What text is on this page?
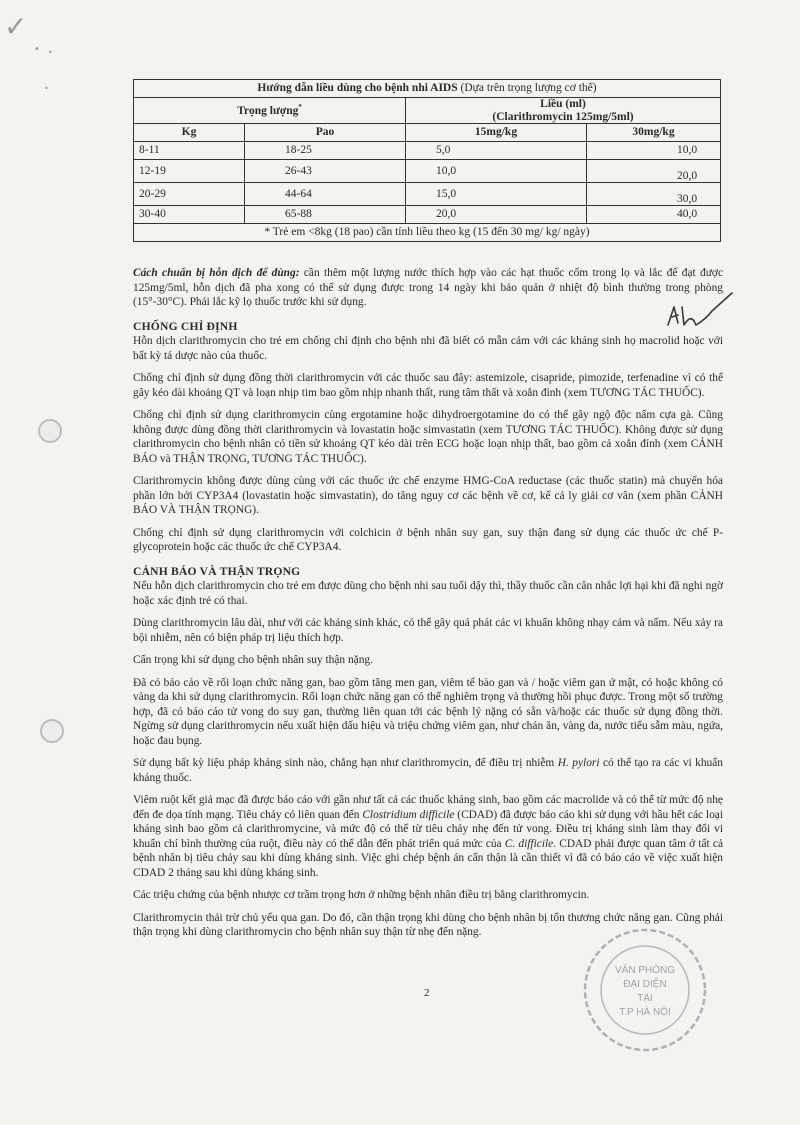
✓
• •
•	Hướng dẫn liều dùng cho bệnh nhi AIDS (Dựa trên trọng lượng cơ thể)			
Trọng lượng*		Liều (ml)
(Clarithromycin 125mg/5ml)	

Kg	Pao	15mg/kg	30mg/kg
8-11	18-25	5,0	10,0
12-19	26-43	10,0	20,0
20-29	44-64	15,0	30,0
30-40	65-88	20,0	40,0
* Trẻ em <8kg (18 pao) cần tính liều theo kg (15 đến 30 mg/ kg/ ngày)			

Cách chuẩn bị hỗn dịch để dùng: cần thêm một lượng nước thích hợp vào các hạt thuốc cốm trong lọ và lắc để đạt được 125mg/5ml, hỗn dịch đã pha xong có thể sử dụng được trong 14 ngày khi bảo quản ở nhiệt độ bình thường trong phòng (15°-30°C). Phải lắc kỹ lọ thuốc trước khi sử dụng.

CHỐNG CHỈ ĐỊNH

Hỗn dịch clarithromycin cho trẻ em chống chỉ định cho bệnh nhi đã biết có mẫn cảm với các kháng sinh họ macrolid hoặc với bất kỳ tá dược nào của thuốc.

Chống chỉ định sử dụng đồng thời clarithromycin với các thuốc sau đây: astemizole, cisapride, pimozide, terfenadine vì có thể gây kéo dài khoảng QT và loạn nhịp tim bao gồm nhịp nhanh thất, rung tâm thất và xoắn đỉnh (xem TƯƠNG TÁC THUỐC).

Chống chỉ định sử dụng clarithromycin cùng ergotamine hoặc dihydroergotamine do có thể gây ngộ độc nấm cựa gà. Cũng không được dùng đồng thời clarithromycin và lovastatin hoặc simvastatin (xem TƯƠNG TÁC THUỐC). Không được sử dụng clarithromycin cho bệnh nhân có tiền sử khoảng QT kéo dài trên ECG hoặc loạn nhịp thất, bao gồm cả xoắn đỉnh (xem CẢNH BÁO và THẬN TRỌNG, TƯƠNG TÁC THUỐC).

Clarithromycin không được dùng cùng với các thuốc ức chế enzyme HMG-CoA reductase (các thuốc statin) mà chuyển hóa phần lớn bởi CYP3A4 (lovastatin hoặc simvastatin), do tăng nguy cơ các bệnh về cơ, kể cả ly giải cơ vân (xem phần CẢNH BÁO VÀ THẬN TRỌNG).

Chống chỉ định sử dụng clarithromycin với colchicin ở bệnh nhân suy gan, suy thận đang sử dụng các thuốc ức chế P-glycoprotein hoặc các thuốc ức chế CYP3A4.

CẢNH BÁO VÀ THẬN TRỌNG

Nếu hỗn dịch clarithromycin cho trẻ em được dùng cho bệnh nhi sau tuổi dậy thì, thầy thuốc cần cân nhắc lợi hại khi đã nghi ngờ hoặc xác định trẻ có thai.

Dùng clarithromycin lâu dài, như với các kháng sinh khác, có thể gây quá phát các vi khuẩn không nhạy cảm và nấm. Nếu xảy ra bội nhiễm, nên có biện pháp trị liệu thích hợp.

Cẩn trọng khi sử dụng cho bệnh nhân suy thận nặng.

Đã có báo cáo về rối loạn chức năng gan, bao gồm tăng men gan, viêm tế bào gan và / hoặc viêm gan ứ mật, có hoặc không có vàng da khi sử dụng clarithromycin. Rối loạn chức năng gan có thể nghiêm trọng và thường hồi phục được. Trong một số trường hợp, đã có báo cáo tử vong do suy gan, thường liên quan tới các bệnh lý nặng có sẵn và/hoặc các thuốc sử dụng đồng thời. Ngừng sử dụng clarithromycin nếu xuất hiện dấu hiệu và triệu chứng viêm gan, như chán ăn, vàng da, nước tiểu sẫm màu, ngứa, hoặc đau bụng.

Sử dụng bất kỳ liệu pháp kháng sinh nào, chẳng hạn như clarithromycin, để điều trị nhiễm H. pylori có thể tạo ra các vi khuẩn kháng thuốc.

Viêm ruột kết giả mạc đã được báo cáo với gần như tất cả các thuốc kháng sinh, bao gồm các macrolide và có thể từ mức độ nhẹ đến đe dọa tính mạng. Tiêu chảy có liên quan đến Clostridium difficile (CDAD) đã được báo cáo khi sử dụng với hầu hết các loại kháng sinh bao gồm cả clarithromycine, và mức độ có thể từ tiêu chảy nhẹ đến tử vong. Điều trị kháng sinh làm thay đổi vi khuẩn chí bình thường của ruột, điều này có thể dẫn đến phát triển quá mức của C. difficile. CDAD phải được quan tâm ở tất cả bệnh nhân bị tiêu chảy sau khi dùng kháng sinh. Việc ghi chép bệnh án cẩn thận là cần thiết vì đã có báo cáo về việc xuất hiện CDAD 2 tháng sau khi dùng kháng sinh.

Các triệu chứng của bệnh nhược cơ trầm trọng hơn ở những bệnh nhân điều trị bằng clarithromycin.

Clarithromycin thải trừ chủ yếu qua gan. Do đó, cần thận trọng khi dùng cho bệnh nhân bị tổn thương chức năng gan. Cũng phải thận trọng khi dùng clarithromycin cho bệnh nhân suy thận từ nhẹ đến nặng.

2
VĂN PHÒNG
ĐẠI DIỆN
TẠI
T.P HÀ NỘI
